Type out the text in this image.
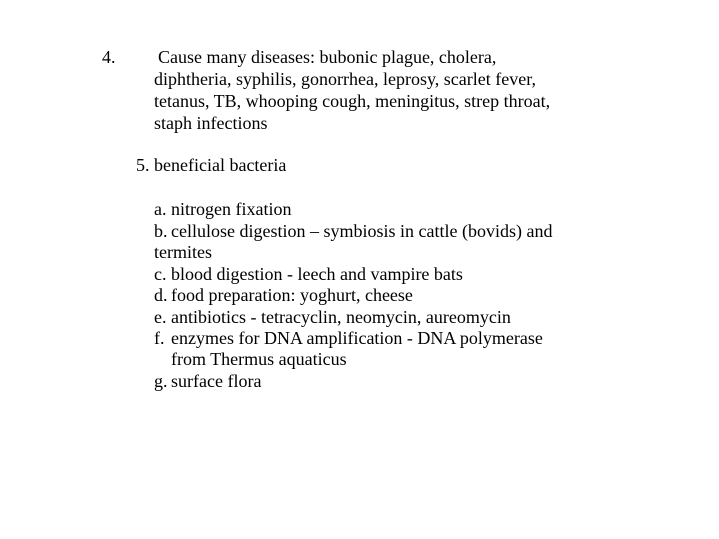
4. Cause many diseases: bubonic plague, cholera,
diphtheria, syphilis, gonorrhea, leprosy, scarlet fever,
tetanus, TB, whooping cough, meningitus, strep throat,
staph infections
5. beneficial bacteria
a. nitrogen fixation
b. cellulose digestion – symbiosis in cattle (bovids) and
termites
c. blood digestion - leech and vampire bats
d. food preparation: yoghurt, cheese
e. antibiotics - tetracyclin, neomycin, aureomycin
f. enzymes for DNA amplification - DNA polymerase
from Thermus aquaticus
g. surface flora
